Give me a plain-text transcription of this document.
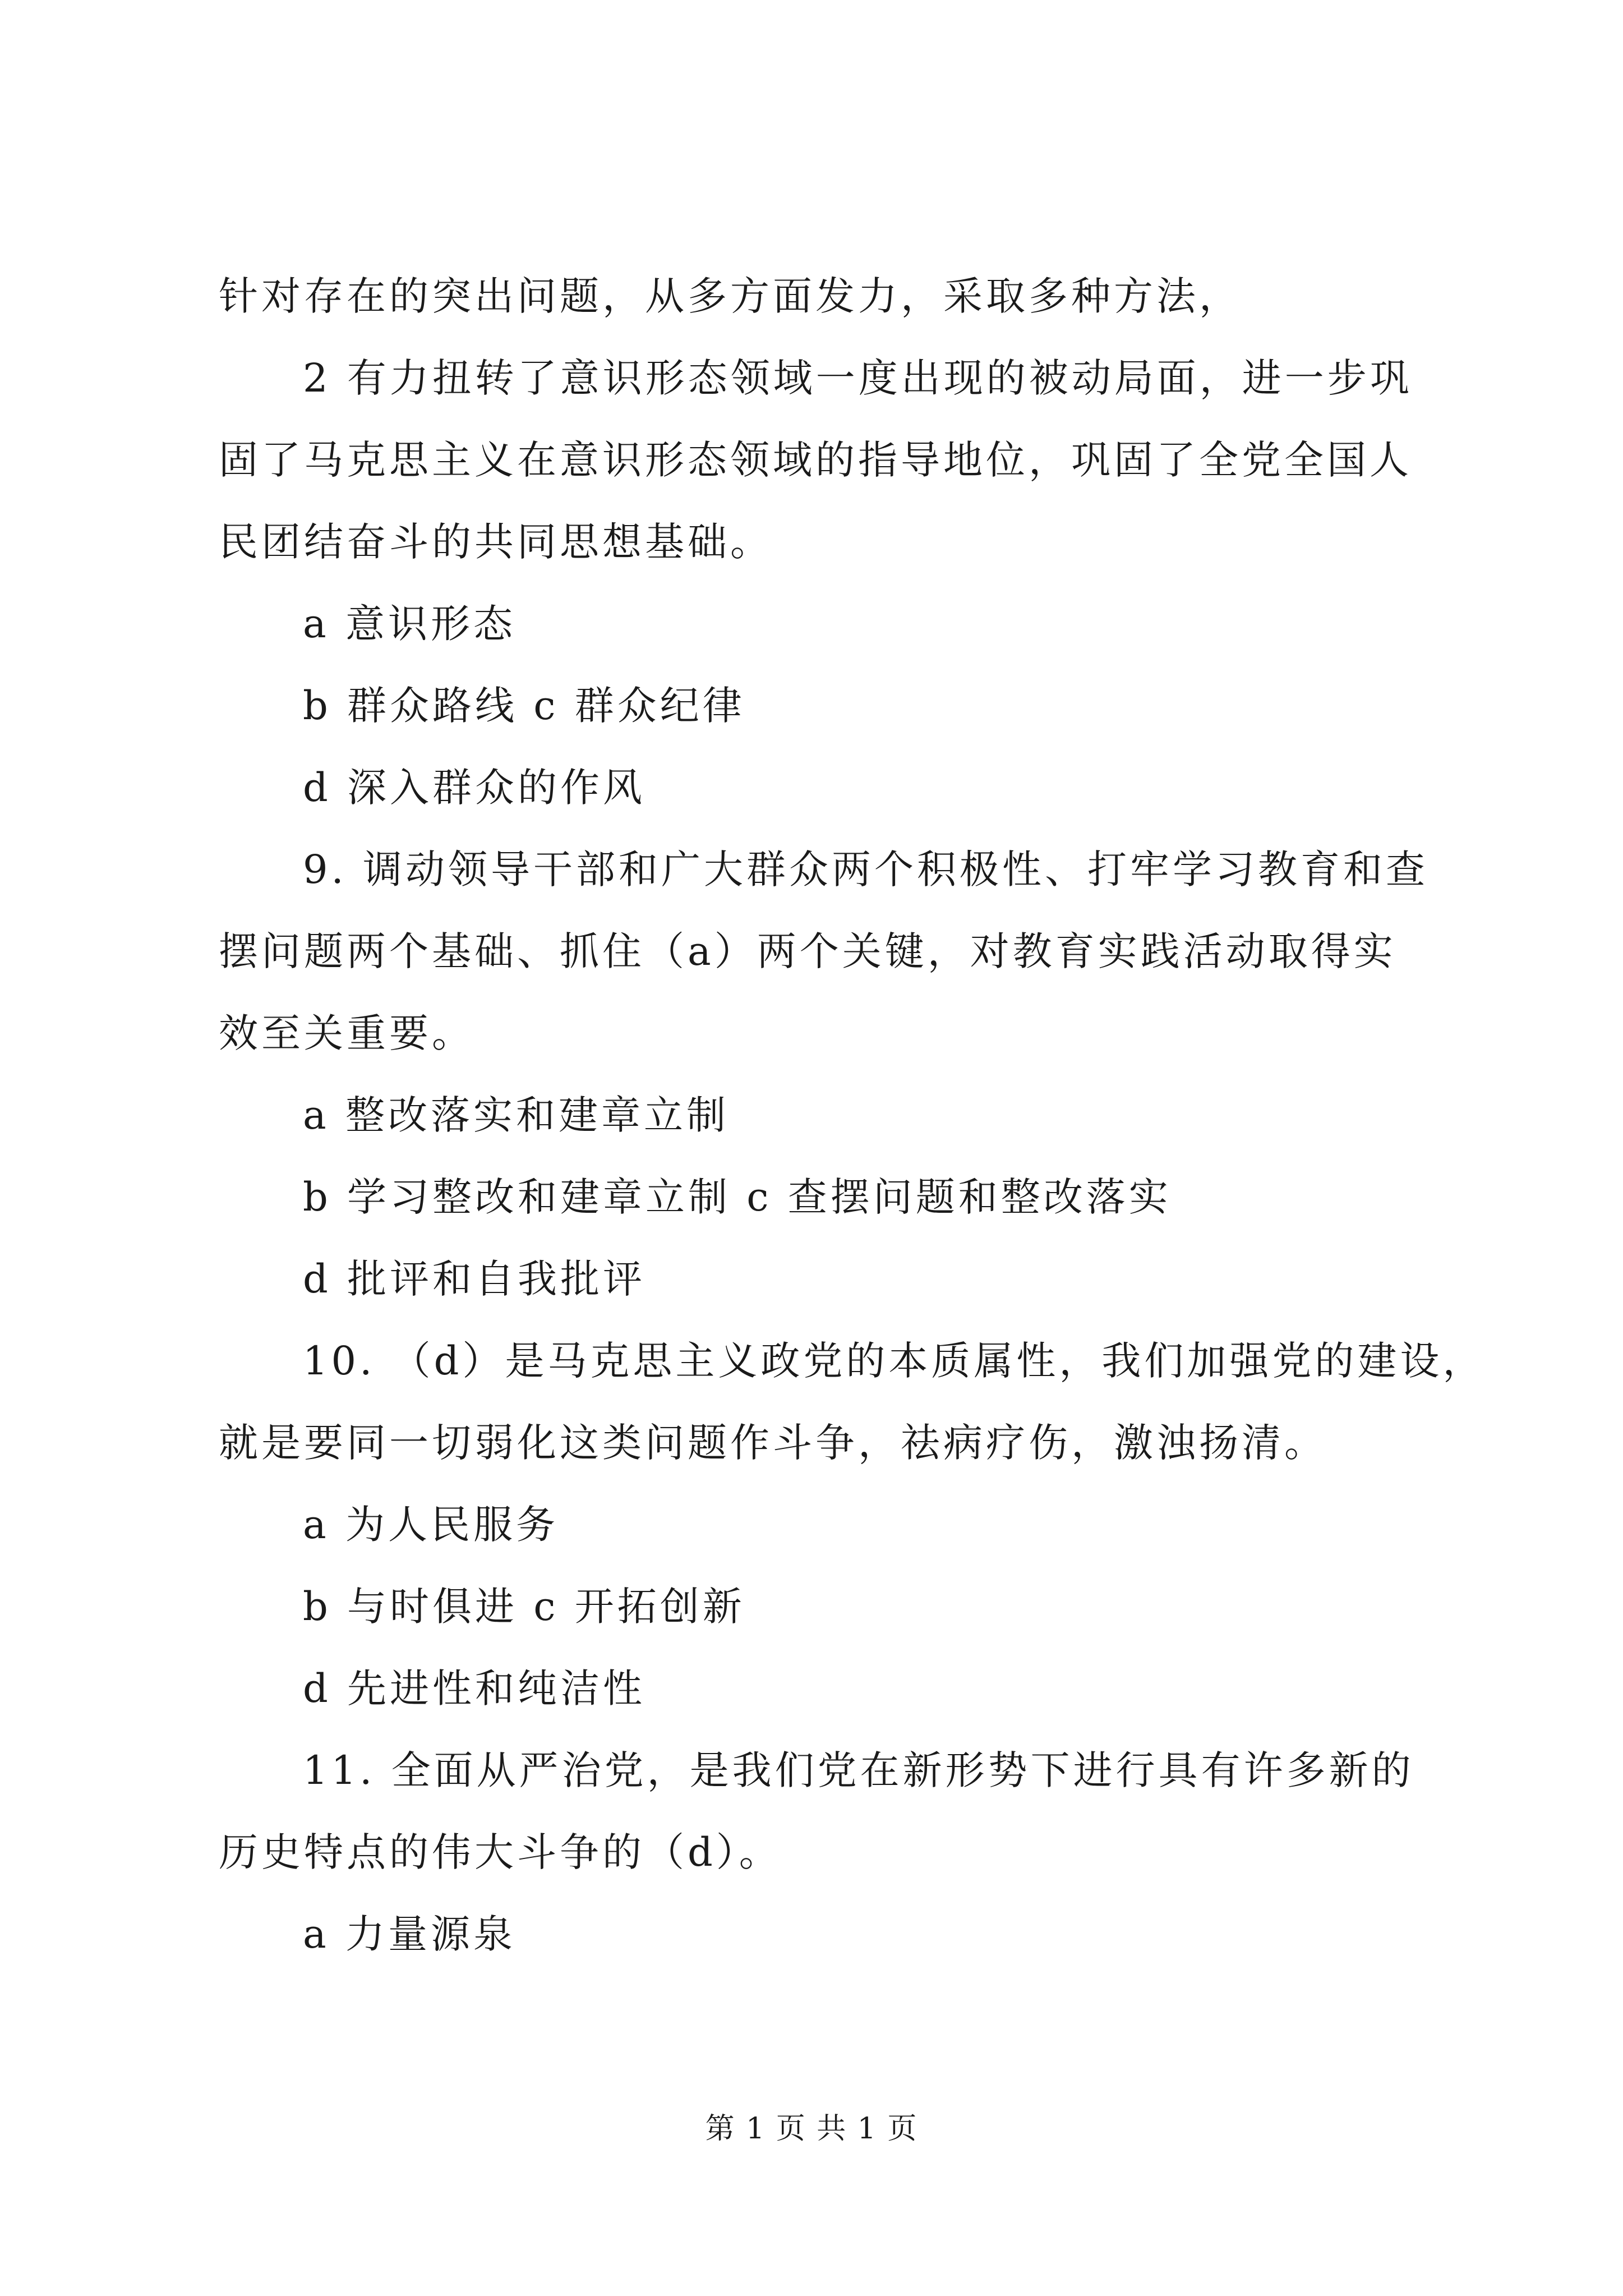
针对存在的突出问题，从多方面发力，采取多种方法，
2 有力扭转了意识形态领域一度出现的被动局面，进一步巩
固了马克思主义在意识形态领域的指导地位，巩固了全党全国人
民团结奋斗的共同思想基础。
a 意识形态
b 群众路线 c 群众纪律
d 深入群众的作风
9. 调动领导干部和广大群众两个积极性、打牢学习教育和查
摆问题两个基础、抓住（a）两个关键，对教育实践活动取得实
效至关重要。
a 整改落实和建章立制
b 学习整改和建章立制 c 查摆问题和整改落实
d 批评和自我批评
10. （d）是马克思主义政党的本质属性，我们加强党的建设，
就是要同一切弱化这类问题作斗争，祛病疗伤，激浊扬清。
a 为人民服务
b 与时俱进 c 开拓创新
d 先进性和纯洁性
11. 全面从严治党，是我们党在新形势下进行具有许多新的
历史特点的伟大斗争的（d）。
a 力量源泉
第 1 页 共 1 页
